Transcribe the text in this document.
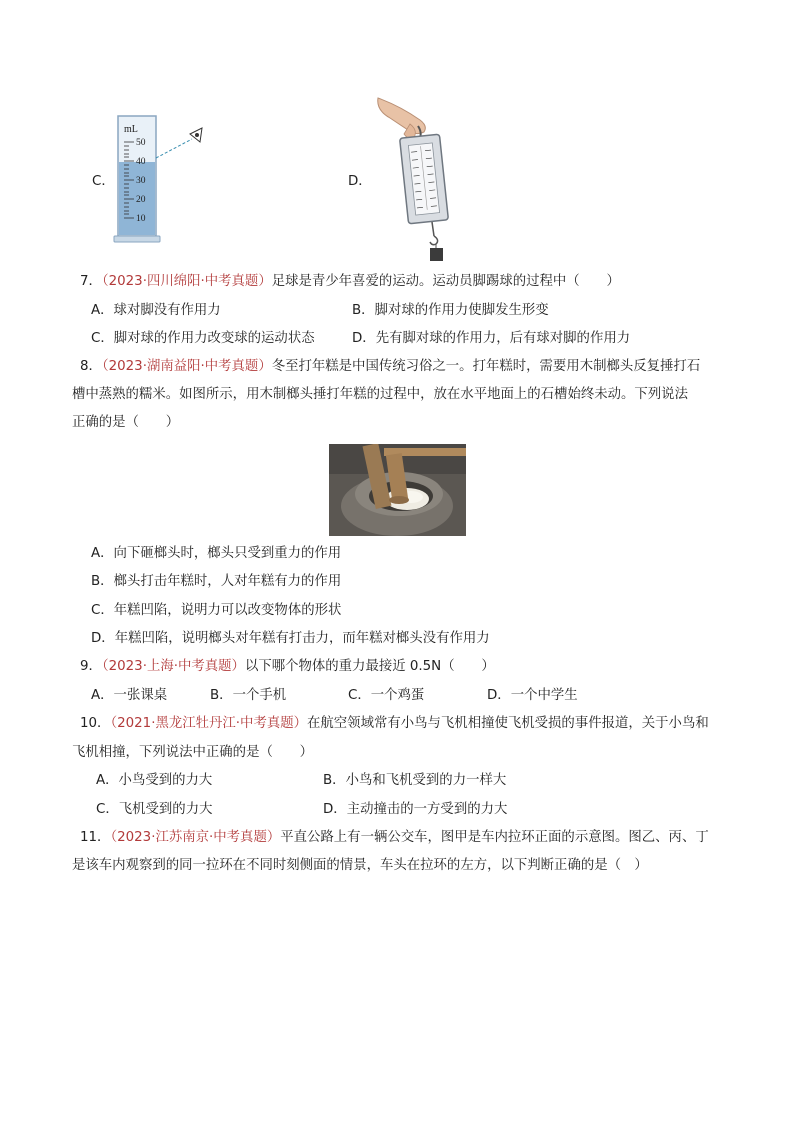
C．
mL
50
40
30
20
10
D．
7．（2023·四川绵阳·中考真题）足球是青少年喜爱的运动。运动员脚踢球的过程中（　　）
A．球对脚没有作用力	B．脚对球的作用力使脚发生形变
C．脚对球的作用力改变球的运动状态	D．先有脚对球的作用力，后有球对脚的作用力
8．（2023·湖南益阳·中考真题）冬至打年糕是中国传统习俗之一。打年糕时，需要用木制榔头反复捶打石
槽中蒸熟的糯米。如图所示，用木制榔头捶打年糕的过程中，放在水平地面上的石槽始终未动。下列说法
正确的是（　　）
A．向下砸榔头时，榔头只受到重力的作用
B．榔头打击年糕时，人对年糕有力的作用
C．年糕凹陷，说明力可以改变物体的形状
D．年糕凹陷，说明榔头对年糕有打击力，而年糕对榔头没有作用力
9．（2023·上海·中考真题）以下哪个物体的重力最接近 0.5N（　　）
A．一张课桌	B．一个手机	C．一个鸡蛋	D．一个中学生
10．（2021·黑龙江牡丹江·中考真题）在航空领域常有小鸟与飞机相撞使飞机受损的事件报道，关于小鸟和
飞机相撞，下列说法中正确的是（　　）
A．小鸟受到的力大	B．小鸟和飞机受到的力一样大
C．飞机受到的力大	D．主动撞击的一方受到的力大
11．（2023·江苏南京·中考真题）平直公路上有一辆公交车，图甲是车内拉环正面的示意图。图乙、丙、丁
是该车内观察到的同一拉环在不同时刻侧面的情景，车头在拉环的左方，以下判断正确的是（　）
